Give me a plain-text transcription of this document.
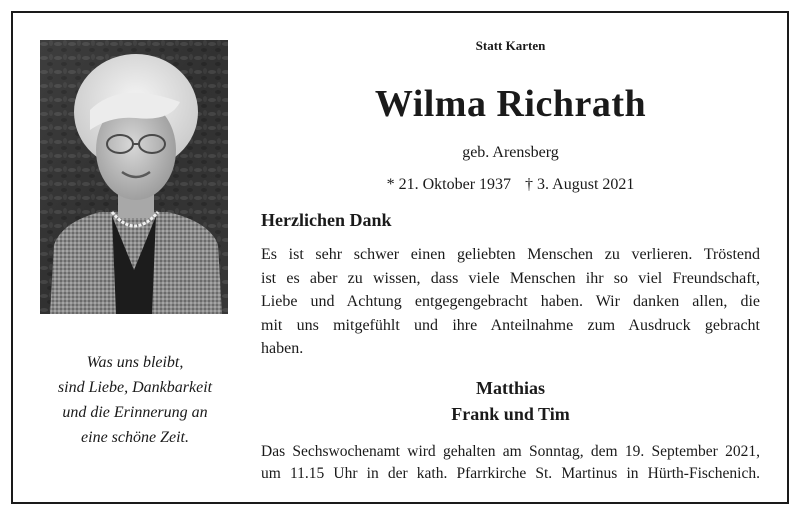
Was uns bleibt,
sind Liebe, Dankbarkeit
und die Erinnerung an
eine schöne Zeit.
Statt Karten
Wilma Richrath
geb. Arensberg
* 21. Oktober 1937 † 3. August 2021
Herzlichen Dank
Es ist sehr schwer einen geliebten Menschen zu verlieren. Tröstend
ist es aber zu wissen, dass viele Menschen ihr so viel Freundschaft,
Liebe und Achtung entgegengebracht haben. Wir danken allen, die
mit uns mitgefühlt und ihre Anteilnahme zum Ausdruck gebracht
haben.
Matthias
Frank und Tim
Das Sechswochenamt wird gehalten am Sonntag, dem 19. September 2021,
um 11.15 Uhr in der kath. Pfarrkirche St. Martinus in Hürth-Fischenich.
